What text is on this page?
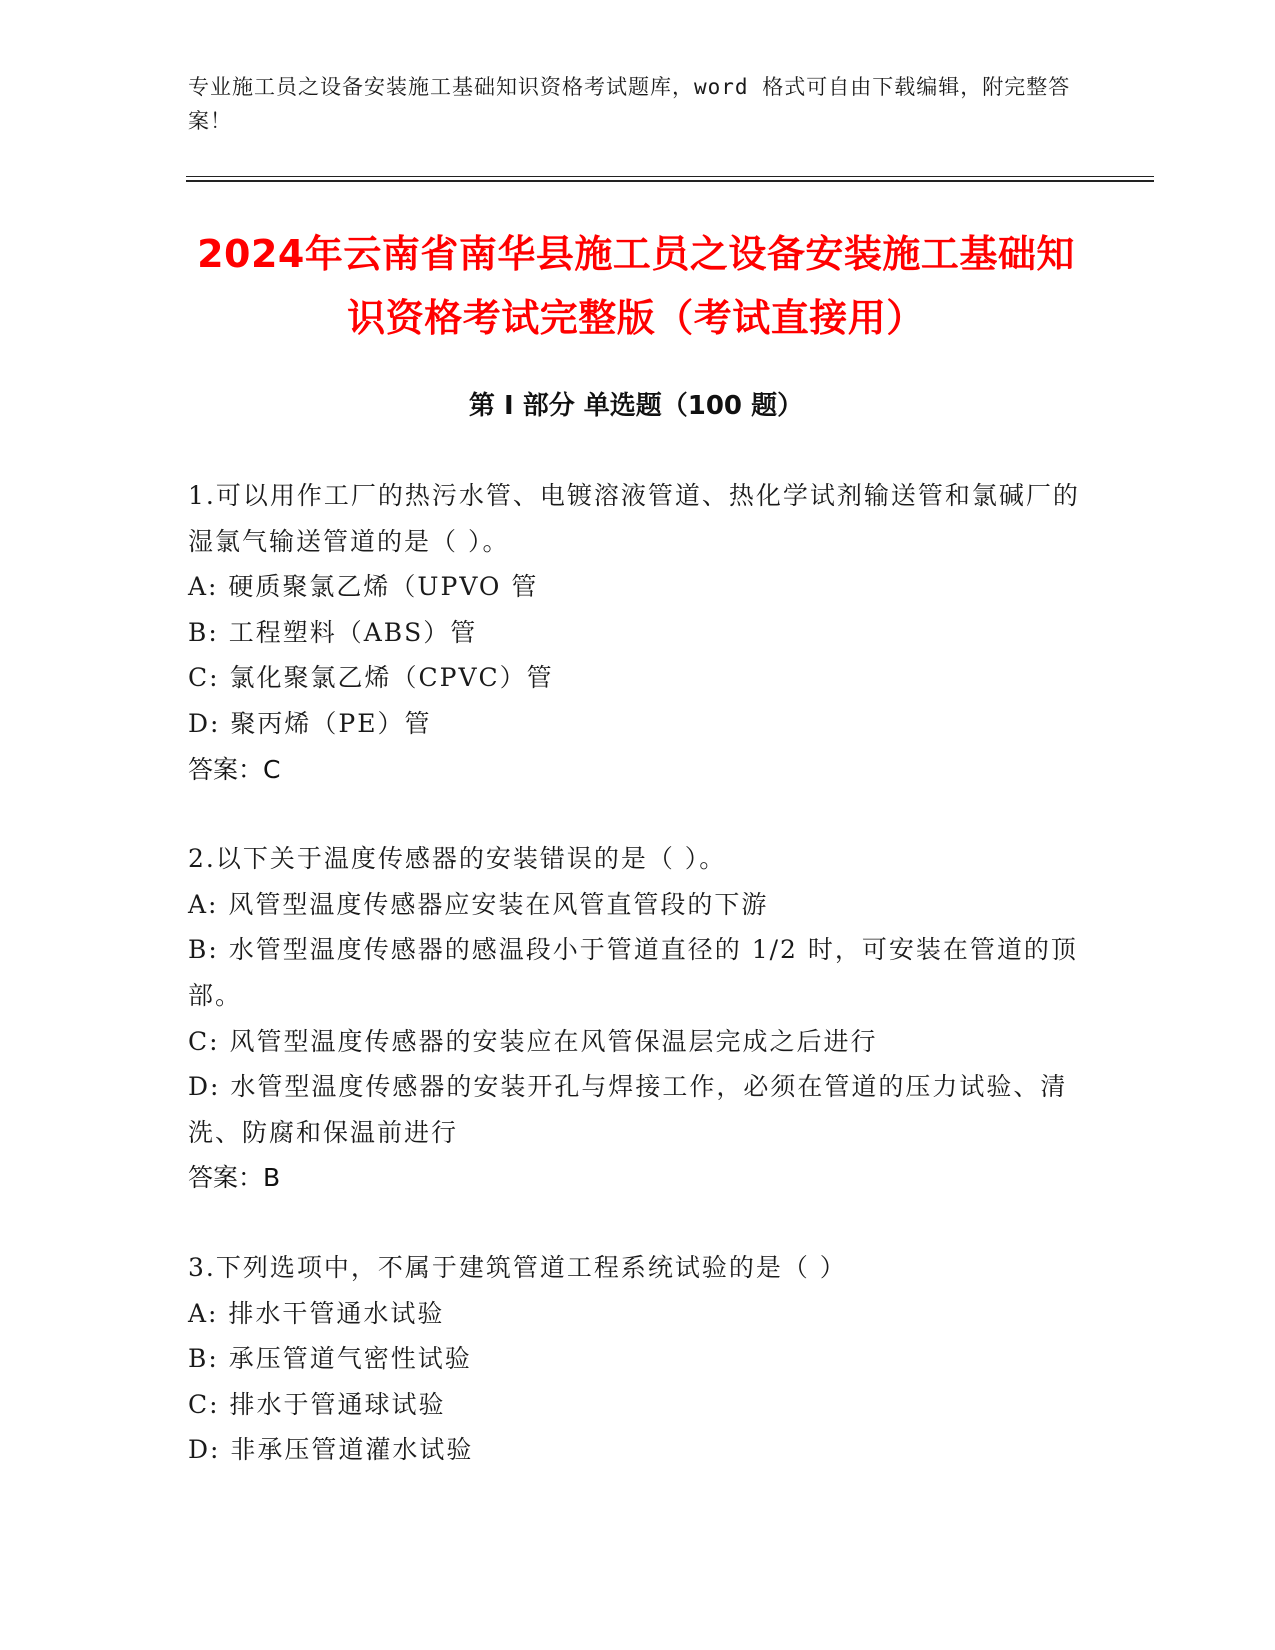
专业施工员之设备安装施工基础知识资格考试题库，word 格式可自由下载编辑，附完整答案！
2024年云南省南华县施工员之设备安装施工基础知识资格考试完整版（考试直接用）
第 I 部分 单选题（100 题）
1.可以用作工厂的热污水管、电镀溶液管道、热化学试剂输送管和氯碱厂的湿氯气输送管道的是（ ）。
A: 硬质聚氯乙烯（UPVO 管
B: 工程塑料（ABS）管
C: 氯化聚氯乙烯（CPVC）管
D: 聚丙烯（PE）管
答案：C
2.以下关于温度传感器的安装错误的是（ ）。
A: 风管型温度传感器应安装在风管直管段的下游
B: 水管型温度传感器的感温段小于管道直径的 1/2 时，可安装在管道的顶部。
C: 风管型温度传感器的安装应在风管保温层完成之后进行
D: 水管型温度传感器的安装开孔与焊接工作，必须在管道的压力试验、清洗、防腐和保温前进行
答案：B
3.下列选项中，不属于建筑管道工程系统试验的是（ ）
A: 排水干管通水试验
B: 承压管道气密性试验
C: 排水于管通球试验
D: 非承压管道灌水试验
